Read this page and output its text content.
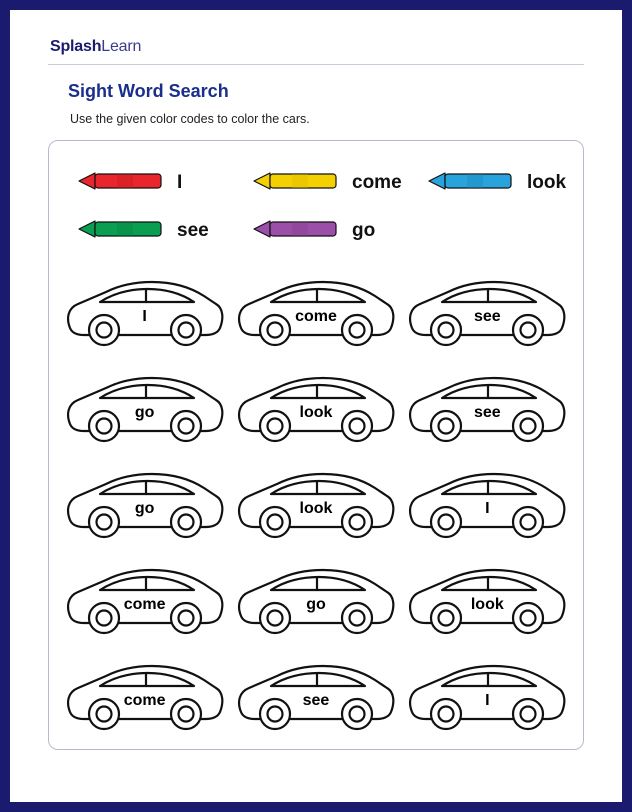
SplashLearn
Sight Word Search
Use the given color codes to color the cars.
I	come	look
see	go
I	come	see
go	look	see
go	look	I
come	go	look
come	see	I
